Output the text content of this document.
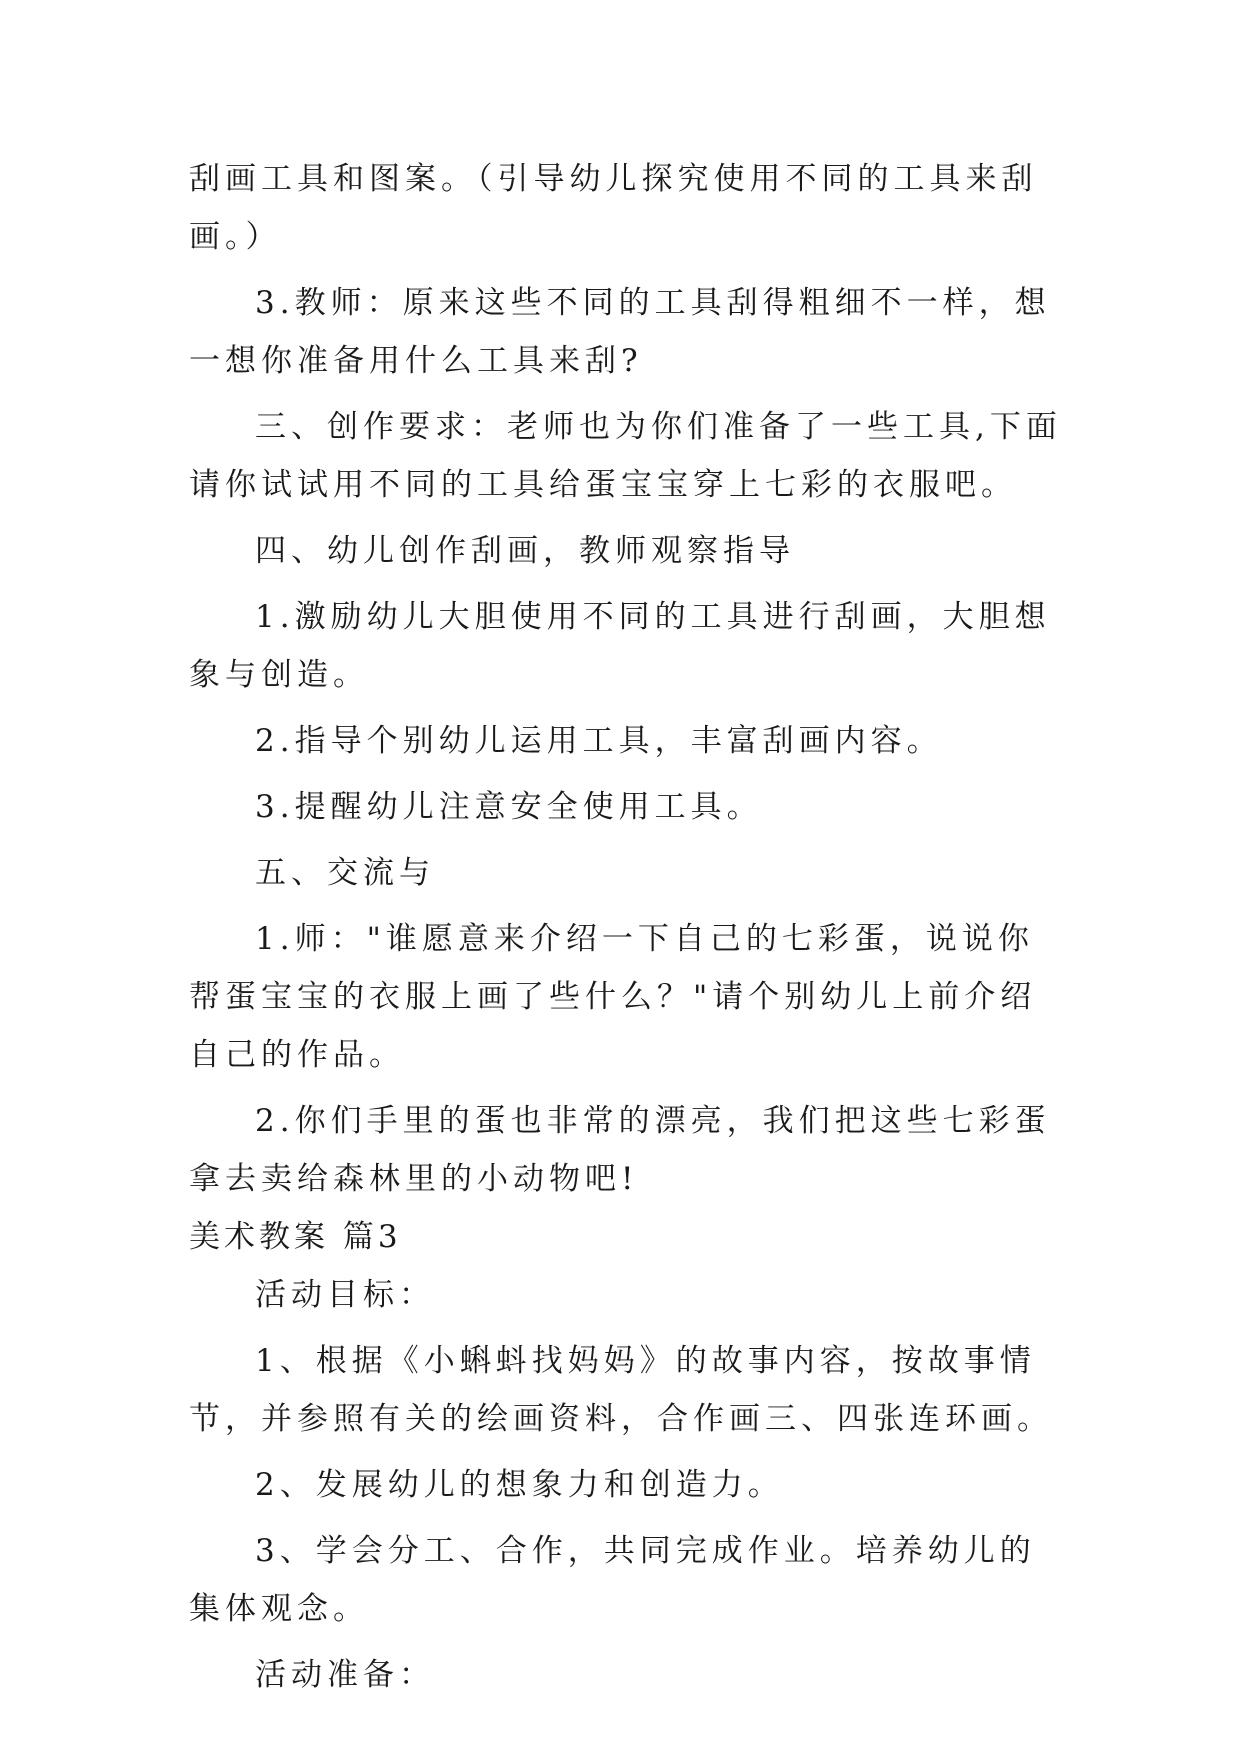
刮画工具和图案。（引导幼儿探究使用不同的工具来刮画。）

3.教师：原来这些不同的工具刮得粗细不一样，想一想你准备用什么工具来刮?

三、创作要求：老师也为你们准备了一些工具,下面请你试试用不同的工具给蛋宝宝穿上七彩的衣服吧。

四、幼儿创作刮画，教师观察指导

1.激励幼儿大胆使用不同的工具进行刮画，大胆想象与创造。

2.指导个别幼儿运用工具，丰富刮画内容。

3.提醒幼儿注意安全使用工具。

五、交流与

1.师："谁愿意来介绍一下自己的七彩蛋，说说你帮蛋宝宝的衣服上画了些什么？"请个别幼儿上前介绍自己的作品。

2.你们手里的蛋也非常的漂亮，我们把这些七彩蛋拿去卖给森林里的小动物吧!

美术教案 篇3

活动目标：

1、根据《小蝌蚪找妈妈》的故事内容，按故事情节，并参照有关的绘画资料，合作画三、四张连环画。

2、发展幼儿的想象力和创造力。

3、学会分工、合作，共同完成作业。培养幼儿的集体观念。

活动准备：
